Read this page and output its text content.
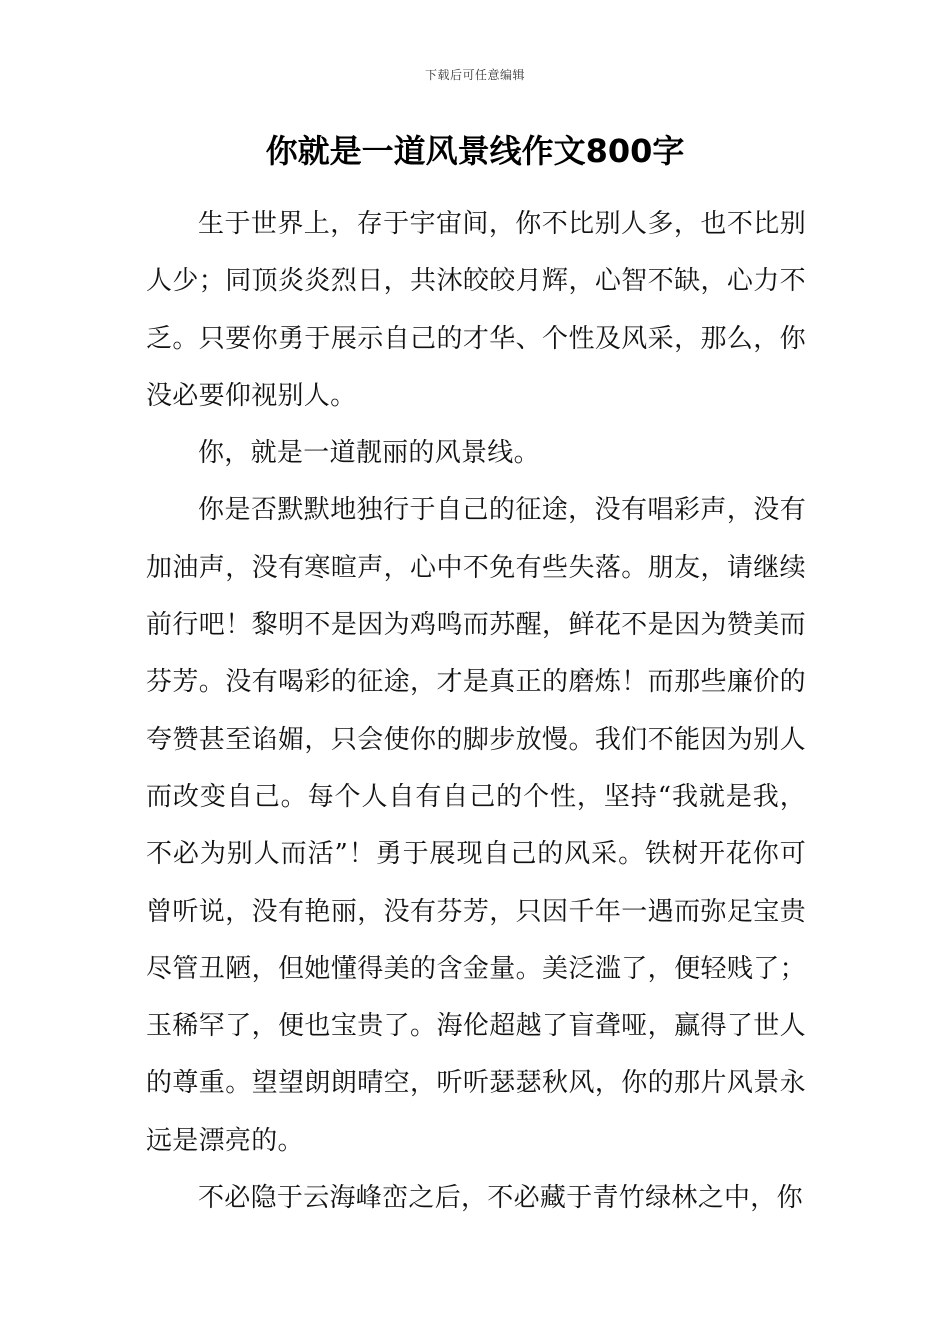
下载后可任意编辑
你就是一道风景线作文800字

生于世界上，存于宇宙间，你不比别人多，也不比别人少；同顶炎炎烈日，共沐皎皎月辉，心智不缺，心力不乏。只要你勇于展示自己的才华、个性及风采，那么，你没必要仰视别人。

你，就是一道靓丽的风景线。

你是否默默地独行于自己的征途，没有唱彩声，没有加油声，没有寒暄声，心中不免有些失落。朋友，请继续前行吧！黎明不是因为鸡鸣而苏醒，鲜花不是因为赞美而芬芳。没有喝彩的征途，才是真正的磨炼！而那些廉价的夸赞甚至谄媚，只会使你的脚步放慢。我们不能因为别人而改变自己。每个人自有自己的个性，坚持“我就是我，不必为别人而活”！勇于展现自己的风采。铁树开花你可曾听说，没有艳丽，没有芬芳，只因千年一遇而弥足宝贵尽管丑陋，但她懂得美的含金量。美泛滥了，便轻贱了；玉稀罕了，便也宝贵了。海伦超越了盲聋哑，赢得了世人的尊重。望望朗朗晴空，听听瑟瑟秋风，你的那片风景永远是漂亮的。

不必隐于云海峰峦之后，不必藏于青竹绿林之中，你
